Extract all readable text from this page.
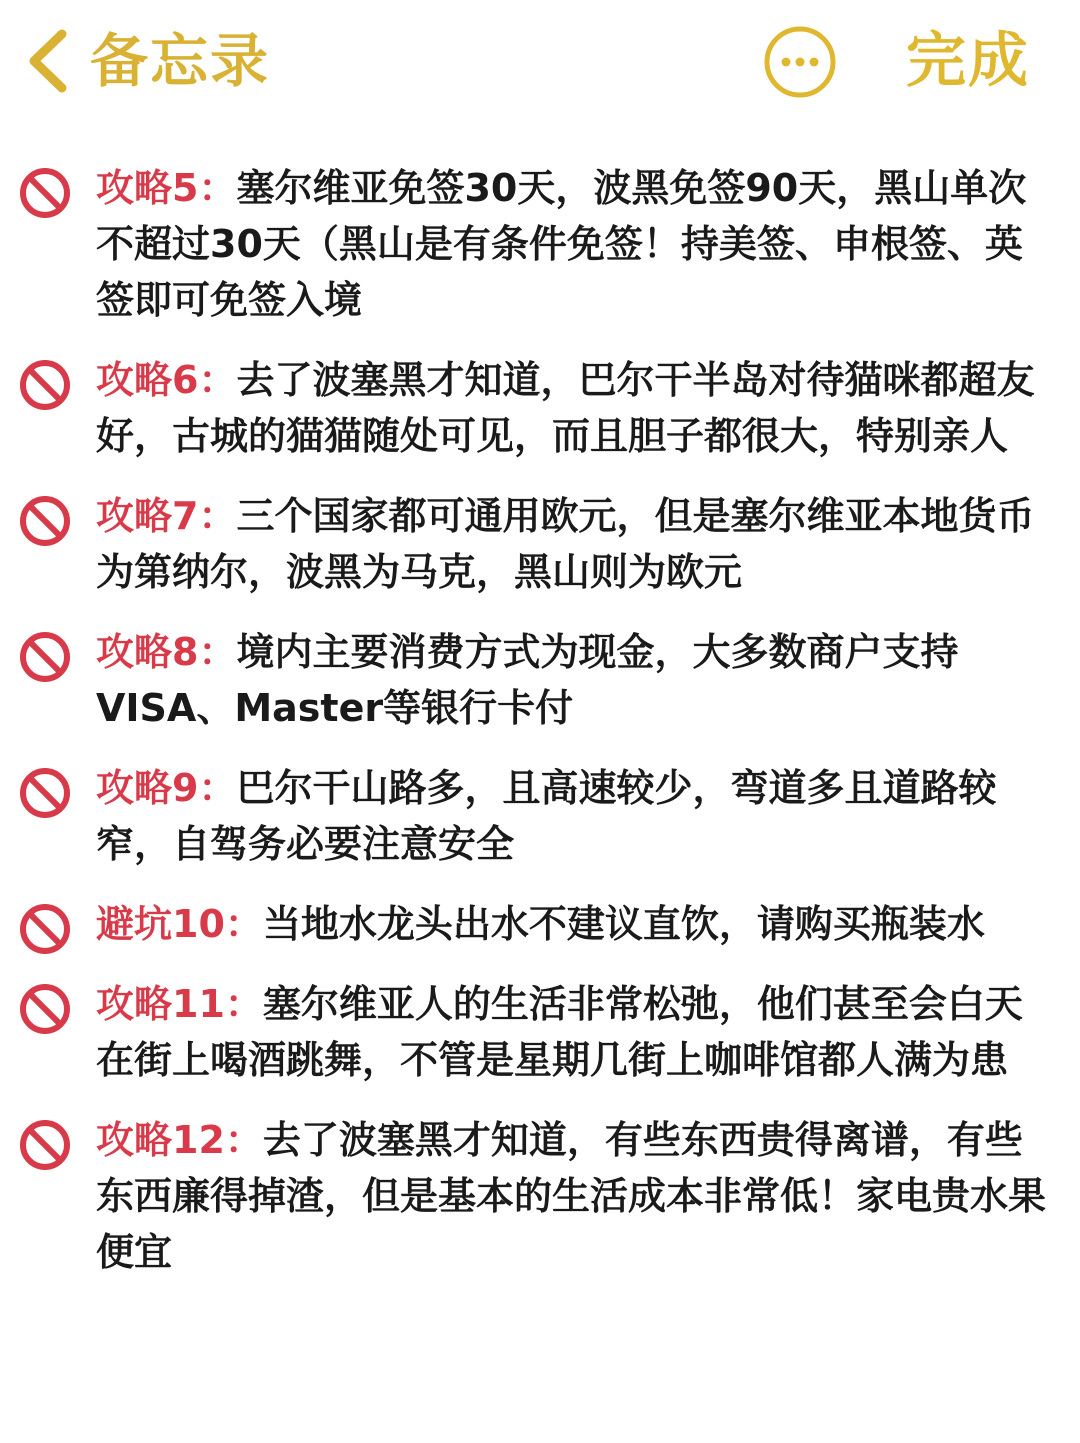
备忘录	完成
攻略5：塞尔维亚免签30天，波黑免签90天，黑山单次不超过30天（黑山是有条件免签！持美签、申根签、英签即可免签入境
攻略6：去了波塞黑才知道，巴尔干半岛对待猫咪都超友好，古城的猫猫随处可见，而且胆子都很大，特别亲人
攻略7：三个国家都可通用欧元，但是塞尔维亚本地货币为第纳尔，波黑为马克，黑山则为欧元
攻略8：境内主要消费方式为现金，大多数商户支持VISA、Master等银行卡付
攻略9：巴尔干山路多，且高速较少，弯道多且道路较窄，自驾务必要注意安全
避坑10：当地水龙头出水不建议直饮，请购买瓶装水
攻略11：塞尔维亚人的生活非常松弛，他们甚至会白天在街上喝酒跳舞，不管是星期几街上咖啡馆都人满为患
攻略12：去了波塞黑才知道，有些东西贵得离谱，有些东西廉得掉渣，但是基本的生活成本非常低！家电贵水果便宜
